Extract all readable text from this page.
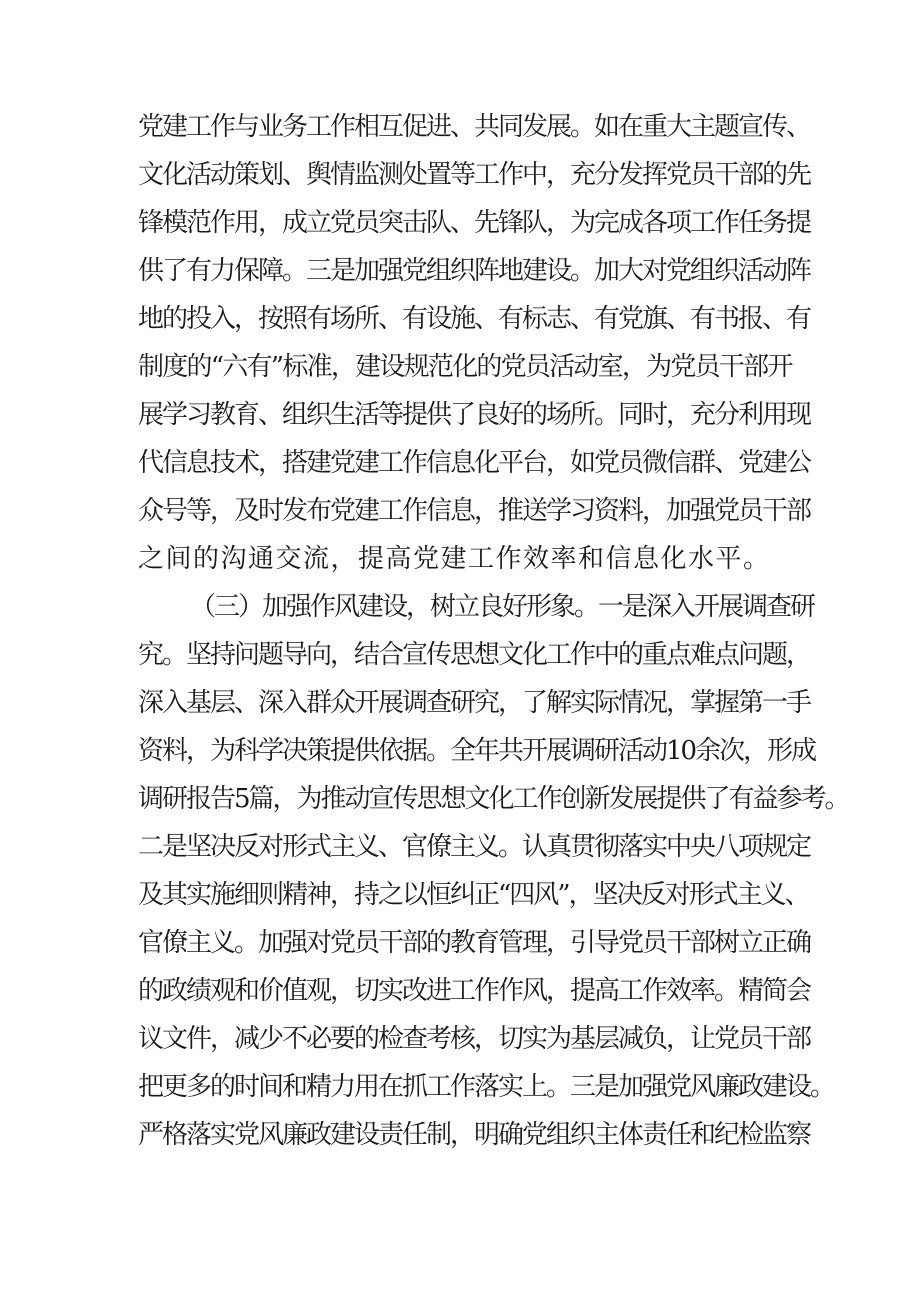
党建工作与业务工作相互促进、共同发展。如在重大主题宣传、
文化活动策划、舆情监测处置等工作中，充分发挥党员干部的先
锋模范作用，成立党员突击队、先锋队，为完成各项工作任务提
供了有力保障。三是加强党组织阵地建设。加大对党组织活动阵
地的投入，按照有场所、有设施、有标志、有党旗、有书报、有
制度的“六有”标准，建设规范化的党员活动室，为党员干部开
展学习教育、组织生活等提供了良好的场所。同时，充分利用现
代信息技术，搭建党建工作信息化平台，如党员微信群、党建公
众号等，及时发布党建工作信息，推送学习资料，加强党员干部
之间的沟通交流，提高党建工作效率和信息化水平。
（三）加强作风建设，树立良好形象。一是深入开展调查研
究。坚持问题导向，结合宣传思想文化工作中的重点难点问题，
深入基层、深入群众开展调查研究，了解实际情况，掌握第一手
资料，为科学决策提供依据。全年共开展调研活动10余次，形成
调研报告5篇，为推动宣传思想文化工作创新发展提供了有益参考。
二是坚决反对形式主义、官僚主义。认真贯彻落实中央八项规定
及其实施细则精神，持之以恒纠正“四风”，坚决反对形式主义、
官僚主义。加强对党员干部的教育管理，引导党员干部树立正确
的政绩观和价值观，切实改进工作作风，提高工作效率。精简会
议文件，减少不必要的检查考核，切实为基层减负，让党员干部
把更多的时间和精力用在抓工作落实上。三是加强党风廉政建设。
严格落实党风廉政建设责任制，明确党组织主体责任和纪检监察
